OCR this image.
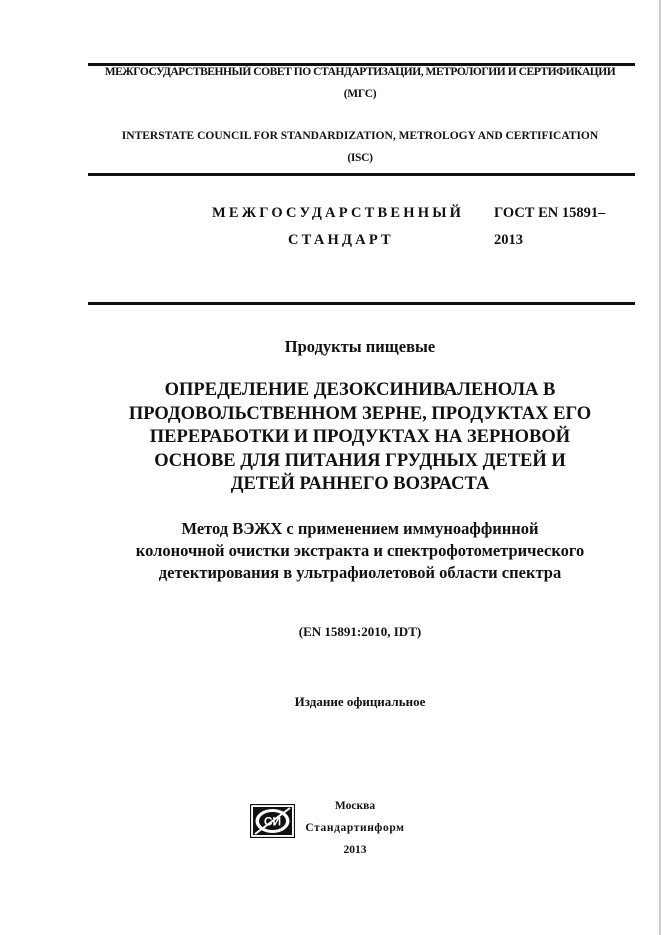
МЕЖГОСУДАРСТВЕННЫЙ СОВЕТ ПО СТАНДАРТИЗАЦИИ, МЕТРОЛОГИИ И СЕРТИФИКАЦИИ
(МГС)
INTERSTATE COUNCIL FOR STANDARDIZATION, METROLOGY AND CERTIFICATION
(ISC)
МЕЖГОСУДАРСТВЕННЫЙ
СТАНДАРТ
ГОСТ EN 15891–
2013
Продукты пищевые
ОПРЕДЕЛЕНИЕ ДЕЗОКСИНИВАЛЕНОЛА В
ПРОДОВОЛЬСТВЕННОМ ЗЕРНЕ, ПРОДУКТАХ ЕГО
ПЕРЕРАБОТКИ И ПРОДУКТАХ НА ЗЕРНОВОЙ
ОСНОВЕ ДЛЯ ПИТАНИЯ ГРУДНЫХ ДЕТЕЙ И
ДЕТЕЙ РАННЕГО ВОЗРАСТА
Метод ВЭЖХ с применением иммуноаффинной
колоночной очистки экстракта и спектрофотометрического
детектирования в ультрафиолетовой области спектра
(EN 15891:2010, IDT)
Издание официальное
СИ
Москва
Стандартинформ
2013
